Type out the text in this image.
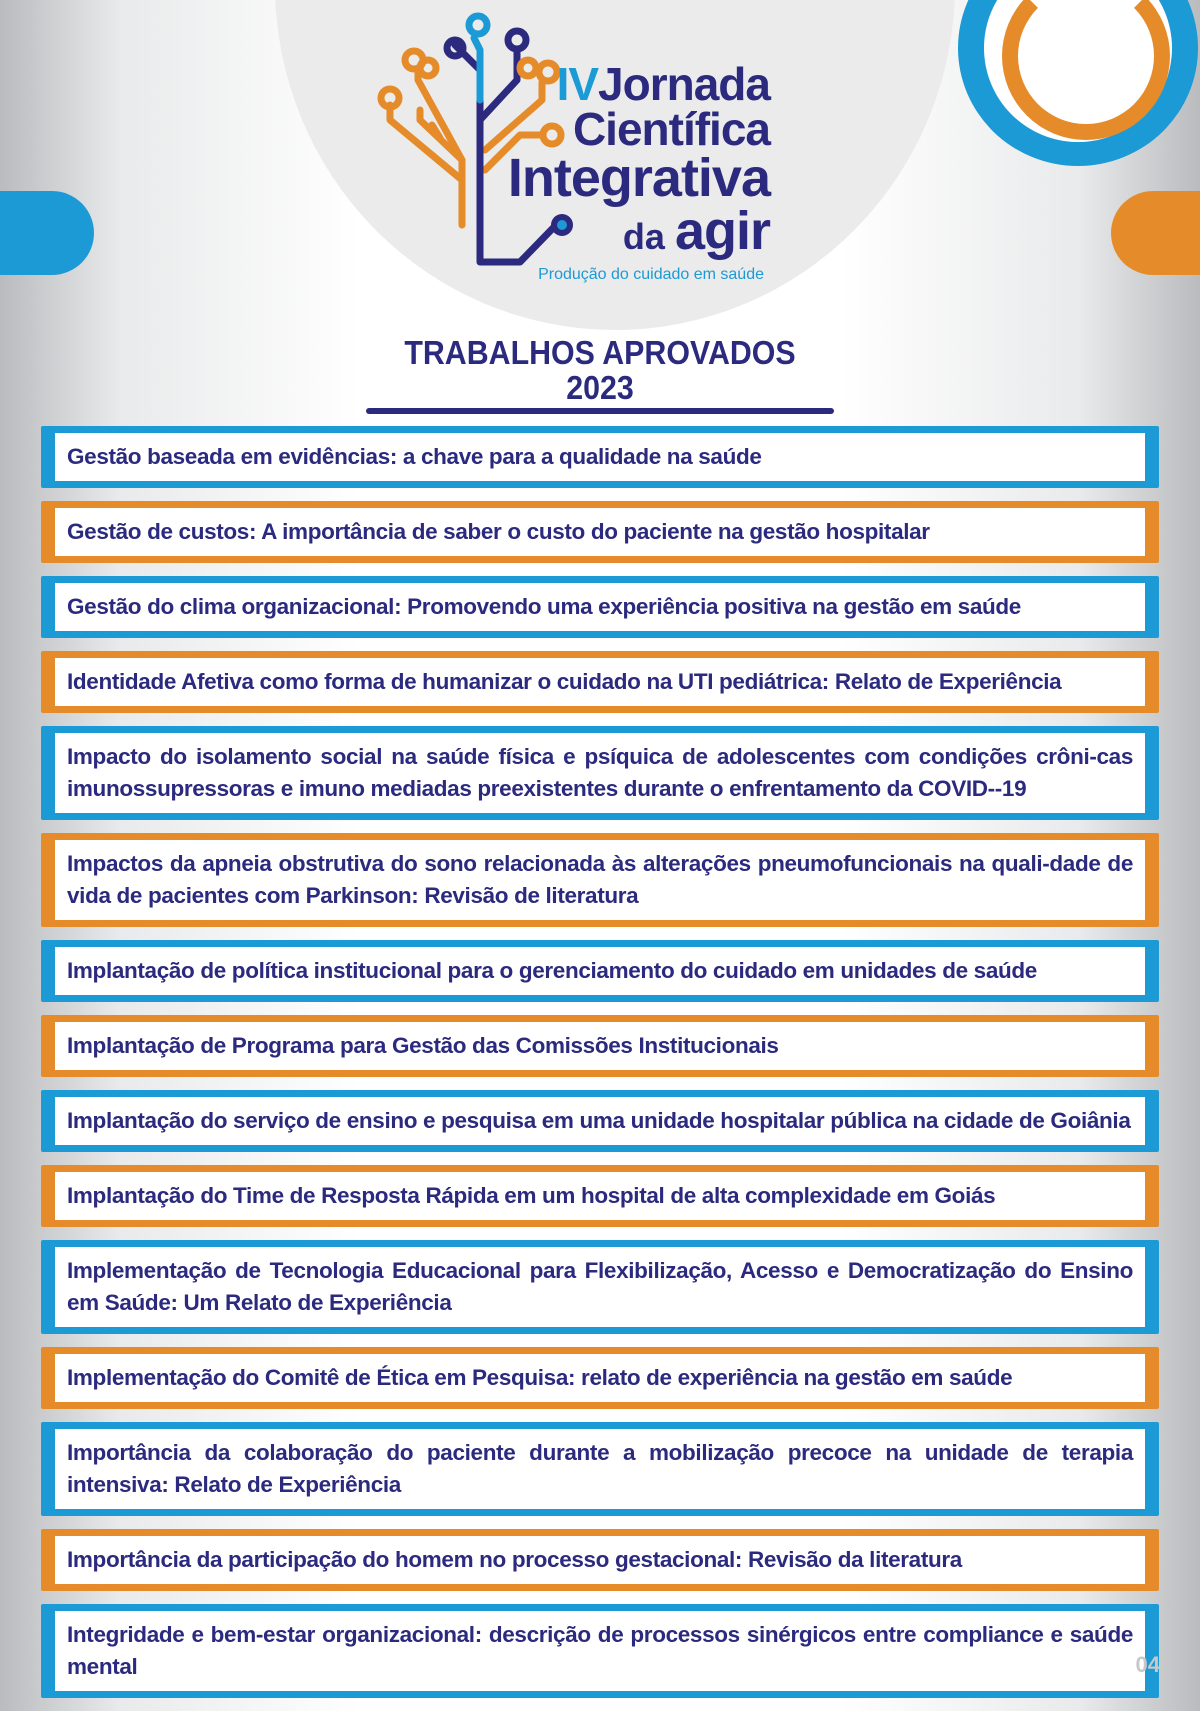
IVJornada
Científica
Integrativa
da agir
Produção do cuidado em saúde
TRABALHOS APROVADOS
2023
Gestão baseada em evidências: a chave para a qualidade na saúde
Gestão de custos: A importância de saber o custo do paciente na gestão hospitalar
Gestão do clima organizacional: Promovendo uma experiência positiva na gestão em saúde
Identidade Afetiva como forma de humanizar o cuidado na UTI pediátrica: Relato de Experiência
Impacto do isolamento social na saúde física e psíquica de adolescentes com condições crôni-cas imunossupressoras e imuno mediadas preexistentes durante o enfrentamento da COVID--19
Impactos da apneia obstrutiva do sono relacionada às alterações pneumofuncionais na quali-dade de vida de pacientes com Parkinson: Revisão de literatura
Implantação de política institucional para o gerenciamento do cuidado em unidades de saúde
Implantação de Programa para Gestão das Comissões Institucionais
Implantação do serviço de ensino e pesquisa em uma unidade hospitalar pública na cidade de Goiânia
Implantação do Time de Resposta Rápida em um hospital de alta complexidade em Goiás
Implementação de Tecnologia Educacional para Flexibilização, Acesso e Democratização do Ensino em Saúde: Um Relato de Experiência
Implementação do Comitê de Ética em Pesquisa: relato de experiência na gestão em saúde
Importância da colaboração do paciente durante a mobilização precoce na unidade de terapia intensiva: Relato de Experiência
Importância da participação do homem no processo gestacional: Revisão da literatura
Integridade e bem-estar organizacional: descrição de processos sinérgicos entre compliance e saúde mental	04
